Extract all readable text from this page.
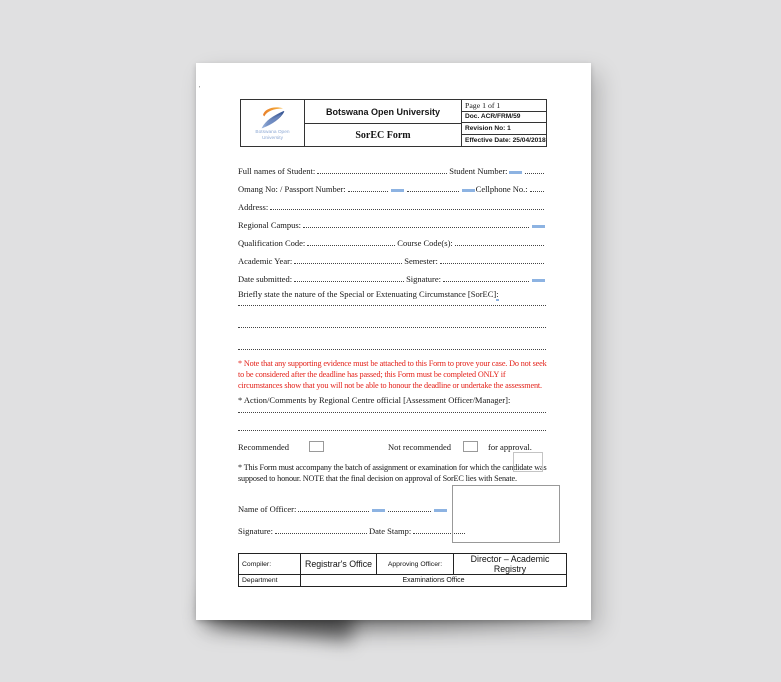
'
Botswana Open
University
Botswana Open University
SorEC Form
Page 1 of 1
Doc. ACR/FRM/59
Revision No: 1
Effective Date: 25/04/2018
Full names of Student:	Student Number:
Omang No: / Passport Number:	Cellphone No.:
Address:
Regional Campus:
Qualification Code:	Course Code(s):
Academic Year:	Semester:
Date submitted:	Signature:
Briefly state the nature of the Special or Extenuating Circumstance [SorEC]:
* Note that any supporting evidence must be attached to this Form to prove your case. Do not seek to be considered after the deadline has passed; this Form must be completed ONLY if circumstances show that you will not be able to honour the deadline or undertake the assessment.
* Action/Comments by Regional Centre official [Assessment Officer/Manager]:
Recommended	Not recommended	for approval.
* This Form must accompany the batch of assignment or examination for which the candidate was supposed to honour. NOTE that the final decision on approval of SorEC lies with Senate.
Name of Officer:
Signature:	Date Stamp:
Compiler:	Registrar's Office	Approving Officer:	Director – Academic Registry
Department	Examinations Office		
